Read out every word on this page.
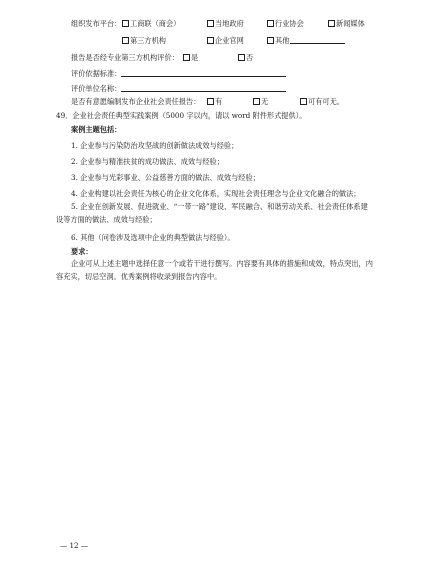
组织发布平台：	工商联（商会）	当地政府	行业协会	新闻媒体
第三方机构	企业官网	其他
报告是否经专业第三方机构评价：	是	否
评价依据标准：
评价单位名称：
是否有意愿编制发布企业社会责任报告：	有	无	可有可无。
49．企业社会责任典型实践案例（5000 字以内，请以 word 附件形式提供）。
案例主题包括：
1. 企业参与污染防治攻坚战的创新做法成效与经验；
2. 企业参与精准扶贫的成功做法、成效与经验；
3. 企业参与光彩事业、公益慈善方面的做法、成效与经验；
4. 企业构建以社会责任为核心的企业文化体系，实现社会责任理念与企业文化融合的做法；
5. 企业在创新发展、促进就业、“一带一路”建设、军民融合、和谐劳动关系、社会责任体系建设等方面的做法、成效与经验；
6. 其他（问卷涉及选项中企业的典型做法与经验）。
要求：
企业可从上述主题中选择任意一个或若干进行撰写。内容要有具体的措施和成效，特点突出，内容充实，切忌空洞。优秀案例将收录到报告内容中。
— 12 —
